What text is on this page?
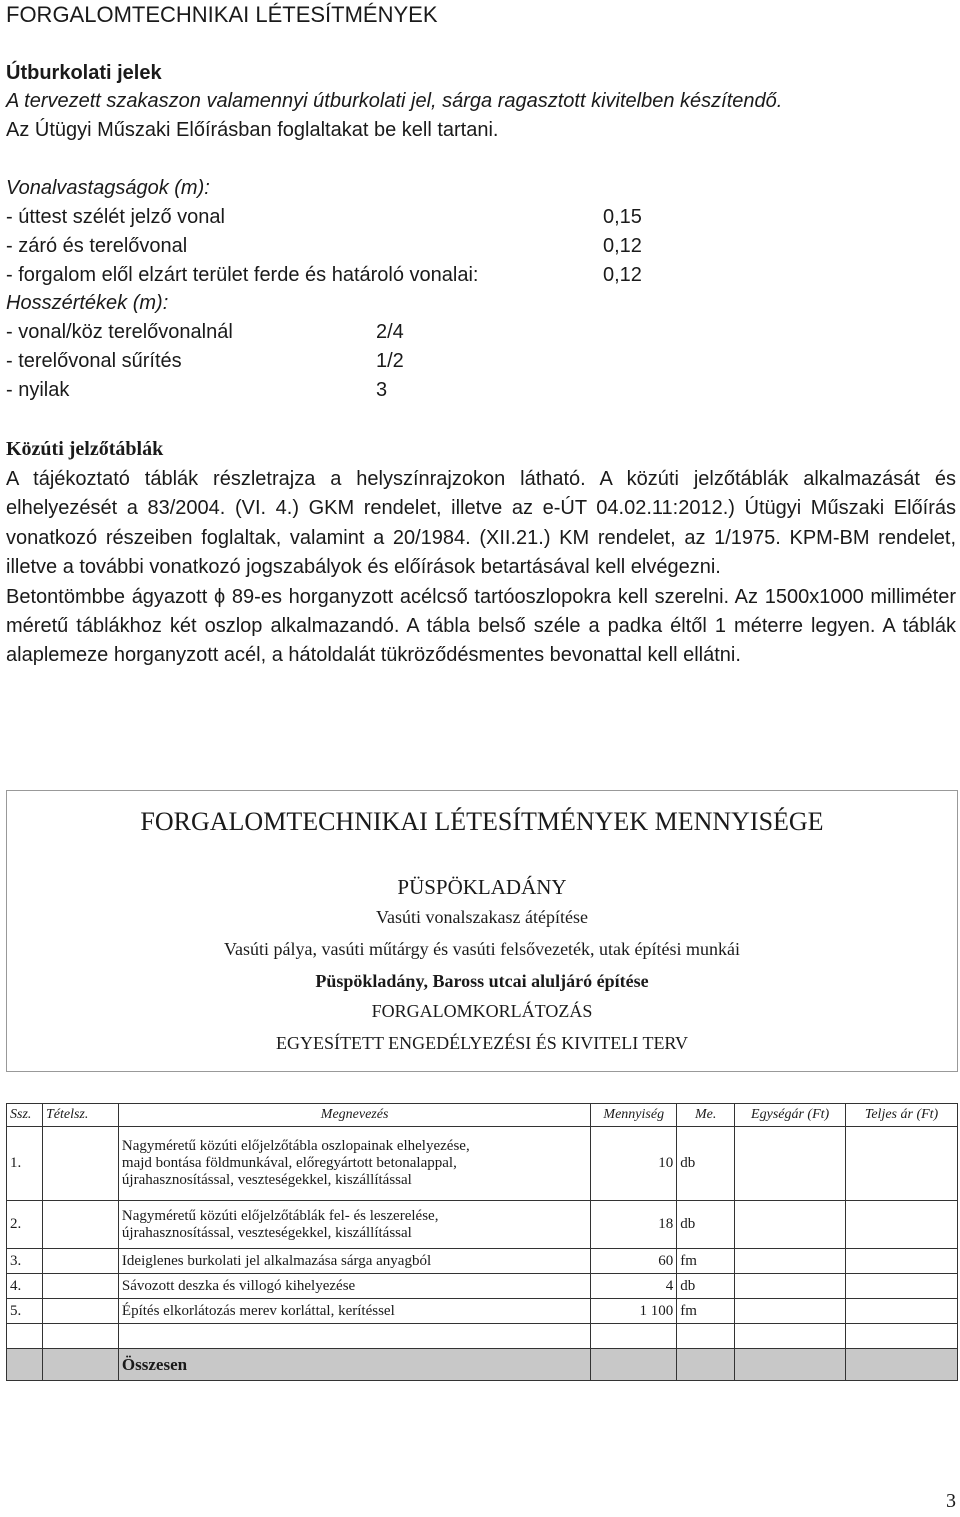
FORGALOMTECHNIKAI LÉTESÍTMÉNYEK
Útburkolati jelek
A tervezett szakaszon valamennyi útburkolati jel, sárga ragasztott kivitelben készítendő.
Az Útügyi Műszaki Előírásban foglaltakat be kell tartani.
Vonalvastagságok (m):
- úttest szélét jelző vonal	0,15
- záró és terelővonal	0,12
- forgalom elől elzárt terület ferde és határoló vonalai:	0,12
Hosszértékek (m):
- vonal/köz terelővonalnál	2/4
- terelővonal sűrítés	1/2
- nyilak	3
Közúti jelzőtáblák

A tájékoztató táblák részletrajza a helyszínrajzokon látható. A közúti jelzőtáblák alkalmazását és elhelyezését a 83/2004. (VI. 4.) GKM rendelet, illetve az e-ÚT 04.02.11:2012.) Útügyi Műszaki Előírás vonatkozó részeiben foglaltak, valamint a 20/1984. (XII.21.) KM rendelet, az 1/1975. KPM-BM rendelet, illetve a további vonatkozó jogszabályok és előírások betartásával kell elvégezni.

Betontömbbe ágyazott ϕ 89-es horganyzott acélcső tartóoszlopokra kell szerelni. Az 1500x1000 milliméter méretű táblákhoz két oszlop alkalmazandó. A tábla belső széle a padka éltől 1 méterre legyen. A táblák alaplemeze horganyzott acél, a hátoldalát tükröződésmentes bevonattal kell ellátni.

FORGALOMTECHNIKAI LÉTESÍTMÉNYEK MENNYISÉGE
PÜSPÖKLADÁNY
Vasúti vonalszakasz átépítése
Vasúti pálya, vasúti műtárgy és vasúti felsővezeték, utak építési munkái
Püspökladány, Baross utcai aluljáró építése
FORGALOMKORLÁTOZÁS
EGYESÍTETT ENGEDÉLYEZÉSI ÉS KIVITELI TERV
Ssz.	Tételsz.	Megnevezés	Mennyiség	Me.	Egységár (Ft)	Teljes ár (Ft)
1.		Nagyméretű közúti előjelzőtábla oszlopainak elhelyezése,
majd bontása földmunkával, előregyártott betonalappal,
újrahasznosítással, veszteségekkel, kiszállítással	10	db		
2.		Nagyméretű közúti előjelzőtáblák fel- és leszerelése,
újrahasznosítással, veszteségekkel, kiszállítással	18	db		
3.		Ideiglenes burkolati jel alkalmazása sárga anyagból	60	fm		
4.		Sávozott deszka és villogó kihelyezése	4	db		
5.		Építés elkorlátozás merev korláttal, kerítéssel	1 100	fm		

		Összesen				
3
